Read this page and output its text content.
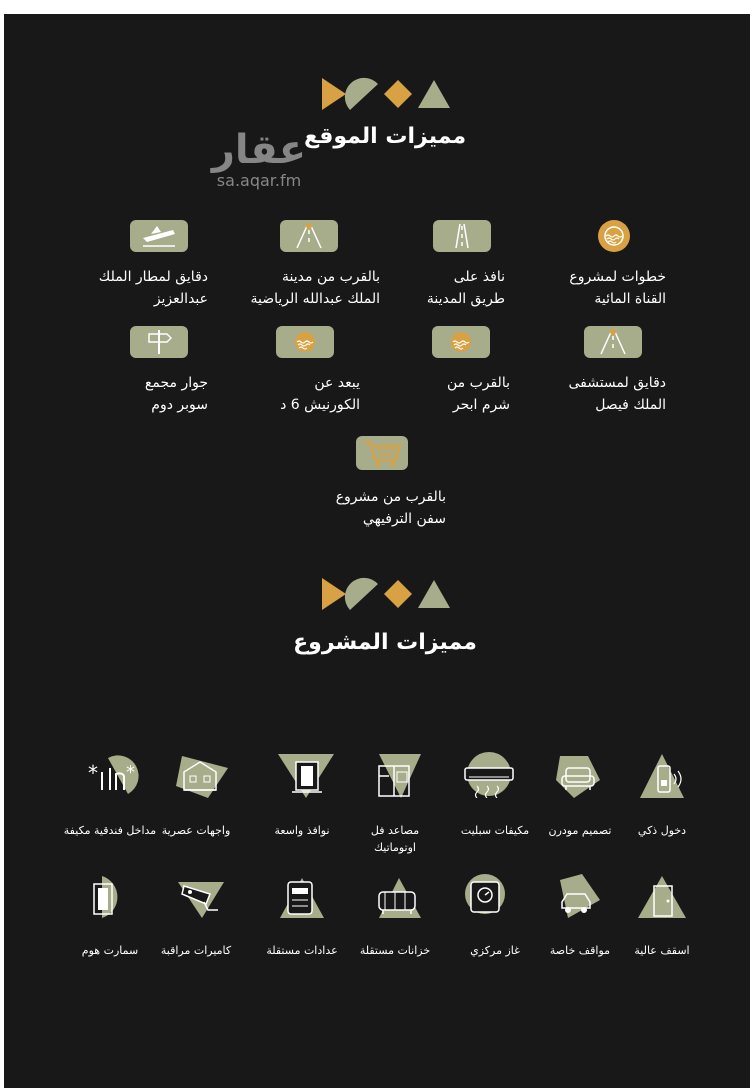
مميزات الموقع
عقار
sa.aqar.fm
خطوات لمشروع
القناة المائية
نافذ على
طريق المدينة
بالقرب من مدينة
الملك عبدالله الرياضية
دقايق لمطار الملك
عبدالعزيز
دقايق لمستشفى
الملك فيصل
بالقرب من
شرم ابحر
يبعد عن
الكورنيش 6 د
جوار مجمع
سوبر دوم
بالقرب من مشروع
سفن الترفيهي
مميزات المشروع
دخول ذكي
تصميم مودرن
مكيفات سبليت
مصاعد فل
اوتوماتيك
نوافذ واسعة
واجهات عصرية
* *
مداخل فندقية مكيفة
اسقف عالية
مواقف خاصة
غاز مركزي
خزانات مستقلة
عدادات مستقلة
كاميرات مراقبة
سمارت هوم
